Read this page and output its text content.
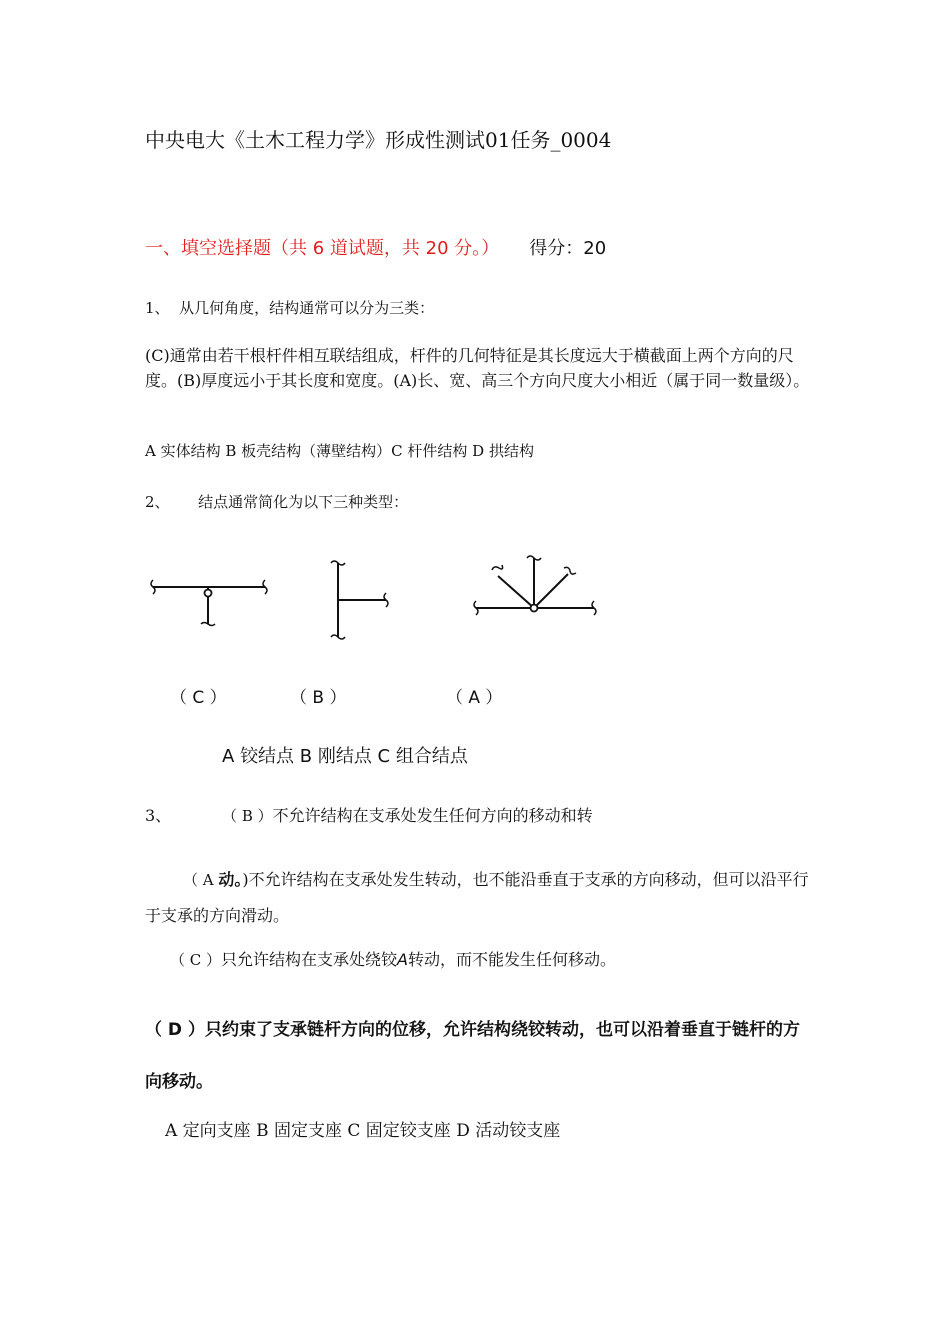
中央电大《土木工程力学》形成性测试01任务_0004
一、填空选择题（共 6 道试题，共 20 分。） 得分：20
1、 从几何角度，结构通常可以分为三类：
(C)通常由若干根杆件相互联结组成，杆件的几何特征是其长度远大于横截面上两个方向的尺度。(B)厚度远小于其长度和宽度。(A)长、宽、高三个方向尺度大小相近（属于同一数量级）。
A 实体结构 B 板壳结构（薄壁结构）C 杆件结构 D 拱结构
2、 结点通常简化为以下三种类型：
（ C ）	（ B ）	（ A ）
A 铰结点 B 刚结点 C 组合结点
3、	（ B ）不允许结构在支承处发生任何方向的移动和转
（ A 动。)不允许结构在支承处发生转动，也不能沿垂直于支承的方向移动，但可以沿平行于支承的方向滑动。
（ C ）只允许结构在支承处绕铰A转动，而不能发生任何移动。
（ D ）只约束了支承链杆方向的位移，允许结构绕铰转动，也可以沿着垂直于链杆的方向移动。
A 定向支座 B 固定支座 C 固定铰支座 D 活动铰支座
